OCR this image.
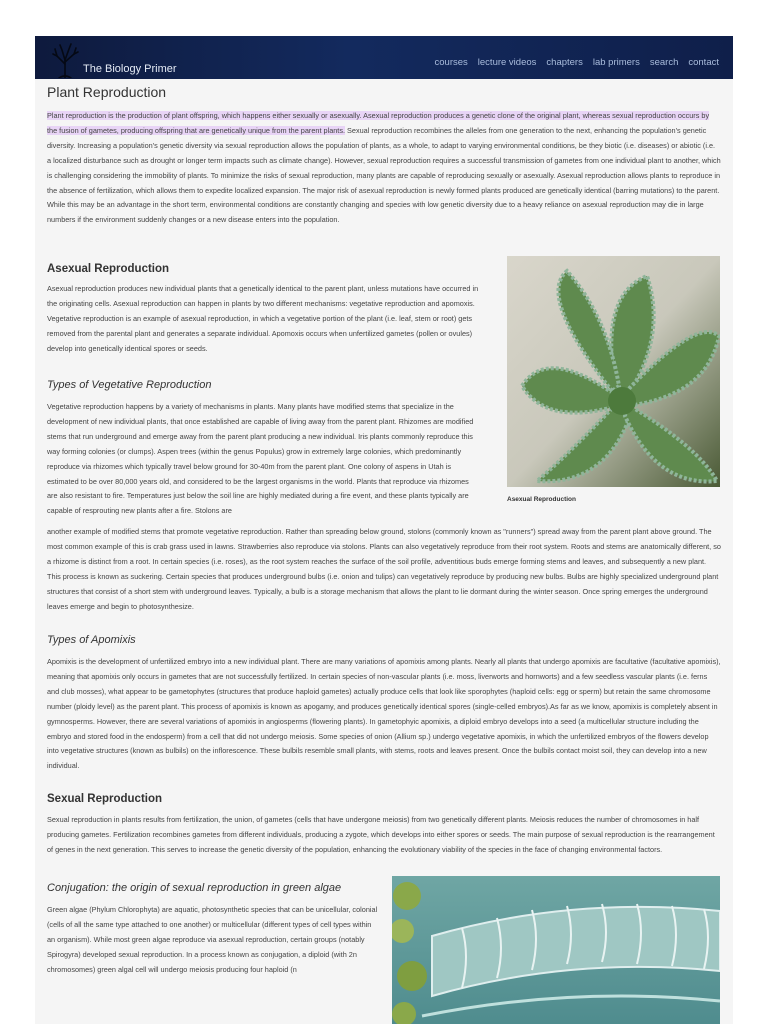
The Biology Primer
courses lecture videos chapters lab primers search contact
Plant Reproduction

Plant reproduction is the production of plant offspring, which happens either sexually or asexually. Asexual reproduction produces a genetic clone of the original plant, whereas sexual reproduction occurs by the fusion of gametes, producing offspring that are genetically unique from the parent plants. Sexual reproduction recombines the alleles from one generation to the next, enhancing the population's genetic diversity. Increasing a population's genetic diversity via sexual reproduction allows the population of plants, as a whole, to adapt to varying environmental conditions, be they biotic (i.e. diseases) or abiotic (i.e. a localized disturbance such as drought or longer term impacts such as climate change). However, sexual reproduction requires a successful transmission of gametes from one individual plant to another, which is challenging considering the immobility of plants. To minimize the risks of sexual reproduction, many plants are capable of reproducing sexually or asexually. Asexual reproduction allows plants to reproduce in the absence of fertilization, which allows them to expedite localized expansion. The major risk of asexual reproduction is newly formed plants produced are genetically identical (barring mutations) to the parent. While this may be an advantage in the short term, environmental conditions are constantly changing and species with low genetic diversity due to a heavy reliance on asexual reproduction may die in large numbers if the environment suddenly changes or a new disease enters into the population.

Asexual Reproduction

Asexual reproduction produces new individual plants that a genetically identical to the parent plant, unless mutations have occurred in the originating cells. Asexual reproduction can happen in plants by two different mechanisms: vegetative reproduction and apomoxis. Vegetative reproduction is an example of asexual reproduction, in which a vegetative portion of the plant (i.e. leaf, stem or root) gets removed from the parental plant and generates a separate individual. Apomoxis occurs when unfertilized gametes (pollen or ovules) develop into genetically identical spores or seeds.

Asexual Reproduction
Types of Vegetative Reproduction

Vegetative reproduction happens by a variety of mechanisms in plants. Many plants have modified stems that specialize in the development of new individual plants, that once established are capable of living away from the parent plant. Rhizomes are modified stems that run underground and emerge away from the parent plant producing a new individual. Iris plants commonly reproduce this way forming colonies (or clumps). Aspen trees (within the genus Populus) grow in extremely large colonies, which predominantly reproduce via rhizomes which typically travel below ground for 30-40m from the parent plant. One colony of aspens in Utah is estimated to be over 80,000 years old, and considered to be the largest organisms in the world. Plants that reproduce via rhizomes are also resistant to fire. Temperatures just below the soil line are highly mediated during a fire event, and these plants typically are capable of resprouting new plants after a fire. Stolons are

another example of modified stems that promote vegetative reproduction. Rather than spreading below ground, stolons (commonly known as "runners") spread away from the parent plant above ground. The most common example of this is crab grass used in lawns. Strawberries also reproduce via stolons. Plants can also vegetatively reproduce from their root system. Roots and stems are anatomically different, so a rhizome is distinct from a root. In certain species (i.e. roses), as the root system reaches the surface of the soil profile, adventitious buds emerge forming stems and leaves, and subsequently a new plant. This process is known as suckering. Certain species that produces underground bulbs (i.e. onion and tulips) can vegetatively reproduce by producing new bulbs. Bulbs are highly specialized underground plant structures that consist of a short stem with underground leaves. Typically, a bulb is a storage mechanism that allows the plant to lie dormant during the winter season. Once spring emerges the underground leaves emerge and begin to photosynthesize.

Types of Apomixis

Apomixis is the development of unfertilized embryo into a new individual plant. There are many variations of apomixis among plants. Nearly all plants that undergo apomixis are facultative (facultative apomixis), meaning that apomixis only occurs in gametes that are not successfully fertilized. In certain species of non-vascular plants (i.e. moss, liverworts and hornworts) and a few seedless vascular plants (i.e. ferns and club mosses), what appear to be gametophytes (structures that produce haploid gametes) actually produce cells that look like sporophytes (haploid cells: egg or sperm) but retain the same chromosome number (ploidy level) as the parent plant. This process of apomixis is known as apogamy, and produces genetically identical spores (single-celled embryos).As far as we know, apomixis is completely absent in gymnosperms. However, there are several variations of apomixis in angiosperms (flowering plants). In gametophyic apomixis, a diploid embryo develops into a seed (a multicellular structure including the embryo and stored food in the endosperm) from a cell that did not undergo meiosis. Some species of onion (Allium sp.) undergo vegetative apomixis, in which the unfertilized embryos of the flowers develop into vegetative structures (known as bulbils) on the inflorescence. These bulbils resemble small plants, with stems, roots and leaves present. Once the bulbils contact moist soil, they can develop into a new individual.

Sexual Reproduction

Sexual reproduction in plants results from fertilization, the union, of gametes (cells that have undergone meiosis) from two genetically different plants. Meiosis reduces the number of chromosomes in half producing gametes. Fertilization recombines gametes from different individuals, producing a zygote, which develops into either spores or seeds. The main purpose of sexual reproduction is the rearrangement of genes in the next generation. This serves to increase the genetic diversity of the population, enhancing the evolutionary viability of the species in the face of changing environmental factors.

Conjugation: the origin of sexual reproduction in green algae

Green algae (Phylum Chlorophyta) are aquatic, photosynthetic species that can be unicellular, colonial (cells of all the same type attached to one another) or multicellular (different types of cell types within an organism). While most green algae reproduce via asexual reproduction, certain groups (notably Spirogyra) developed sexual reproduction. In a process known as conjugation, a diploid (with 2n chromosomes) green algal cell will undergo meiosis producing four haploid (n
